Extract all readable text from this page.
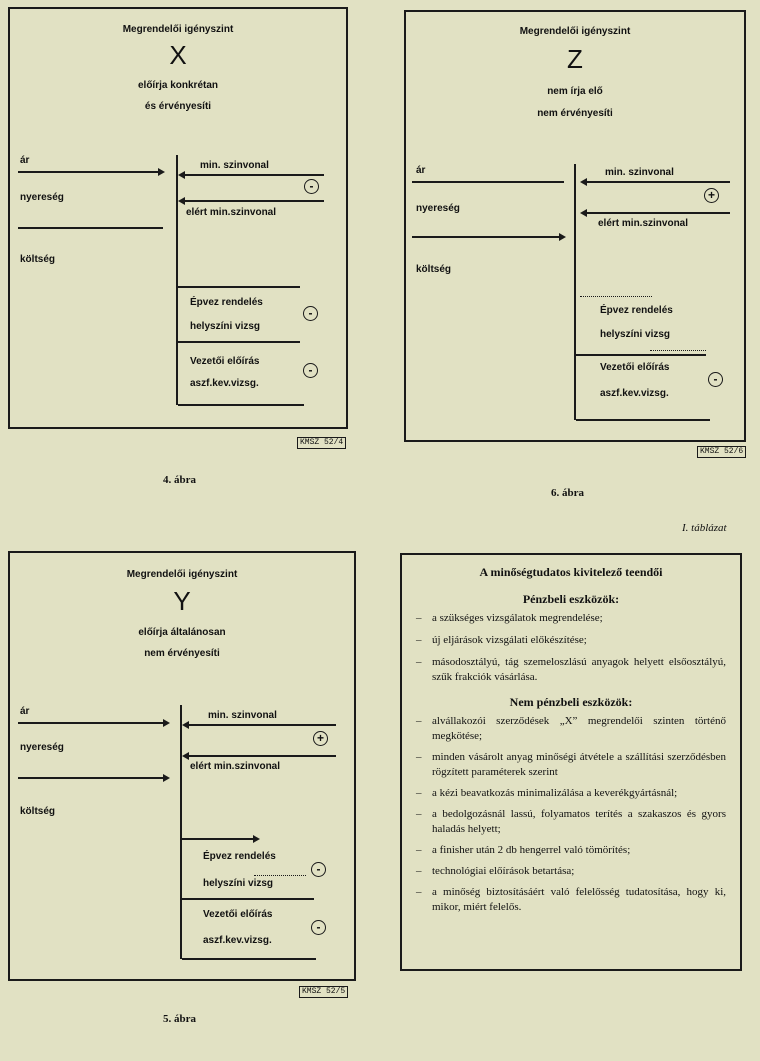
Megrendelői igényszint
X
előírja konkrétan
és érvényesíti
ár
nyereség
költség
min. szinvonal
-
elért min.szinvonal
Épvez rendelés
helyszíni vizsg
-
Vezetői előírás
aszf.kev.vizsg.
-
KMSZ 52/4
4. ábra
Megrendelői igényszint
Z
nem írja elő
nem érvényesíti
ár
nyereség
költség
min. szinvonal
+
elért min.szinvonal
Épvez rendelés
helyszíni vizsg
Vezetői előírás
aszf.kev.vizsg.
-
KMSZ 52/6
6. ábra
I. táblázat
Megrendelői igényszint
Y
előírja általánosan
nem érvényesíti
ár
nyereség
költség
min. szinvonal
+
elért min.szinvonal
Épvez rendelés
helyszíni vizsg
-
Vezetői előírás
aszf.kev.vizsg.
-
KMSZ 52/5
5. ábra
A minőségtudatos kivitelező teendői
Pénzbeli eszközök:
– a szükséges vizsgálatok megrendelése;
– új eljárások vizsgálati előkészítése;
– másodosztályú, tág szemeloszlású anyagok helyett elsőosztályú, szűk frakciók vásárlása.
Nem pénzbeli eszközök:
– alvállakozói szerződések „X” megrendelői szinten történő megkötése;
– minden vásárolt anyag minőségi átvétele a szállítási szerződésben rögzített paraméterek szerint
– a kézi beavatkozás minimalizálása a keverékgyártásnál;
– a bedolgozásnál lassú, folyamatos terítés a szakaszos és gyors haladás helyett;
– a finisher után 2 db hengerrel való tömörítés;
– technológiai előírások betartása;
– a minőség biztosításáért való felelősség tudatosítása, hogy ki, mikor, miért felelős.
